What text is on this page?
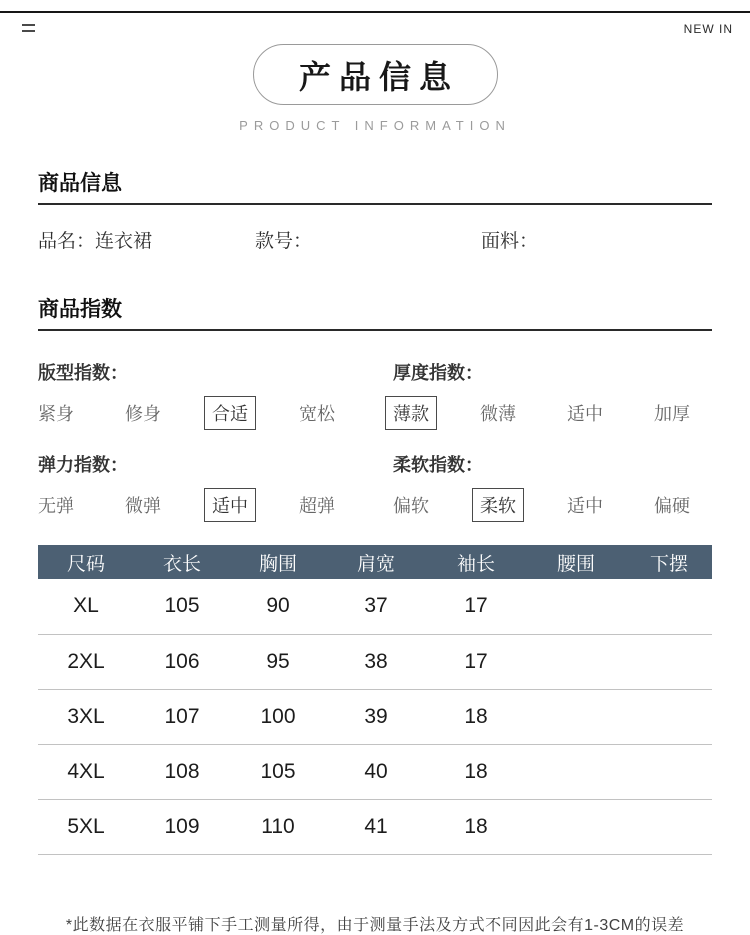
NEW IN
产品信息
PRODUCT INFORMATION
商品信息
品名：连衣裙	款号：	面料：
商品指数
版型指数：
紧身	修身	合适	宽松
厚度指数：
薄款	微薄	适中	加厚
弹力指数：
无弹	微弹	适中	超弹
柔软指数：
偏软	柔软	适中	偏硬
尺码	衣长	胸围	肩宽	袖长	腰围	下摆
XL	105	90	37	17		
2XL	106	95	38	17		
3XL	107	100	39	18		
4XL	108	105	40	18		
5XL	109	110	41	18		
*此数据在衣服平铺下手工测量所得，由于测量手法及方式不同因此会有1-3CM的误差
